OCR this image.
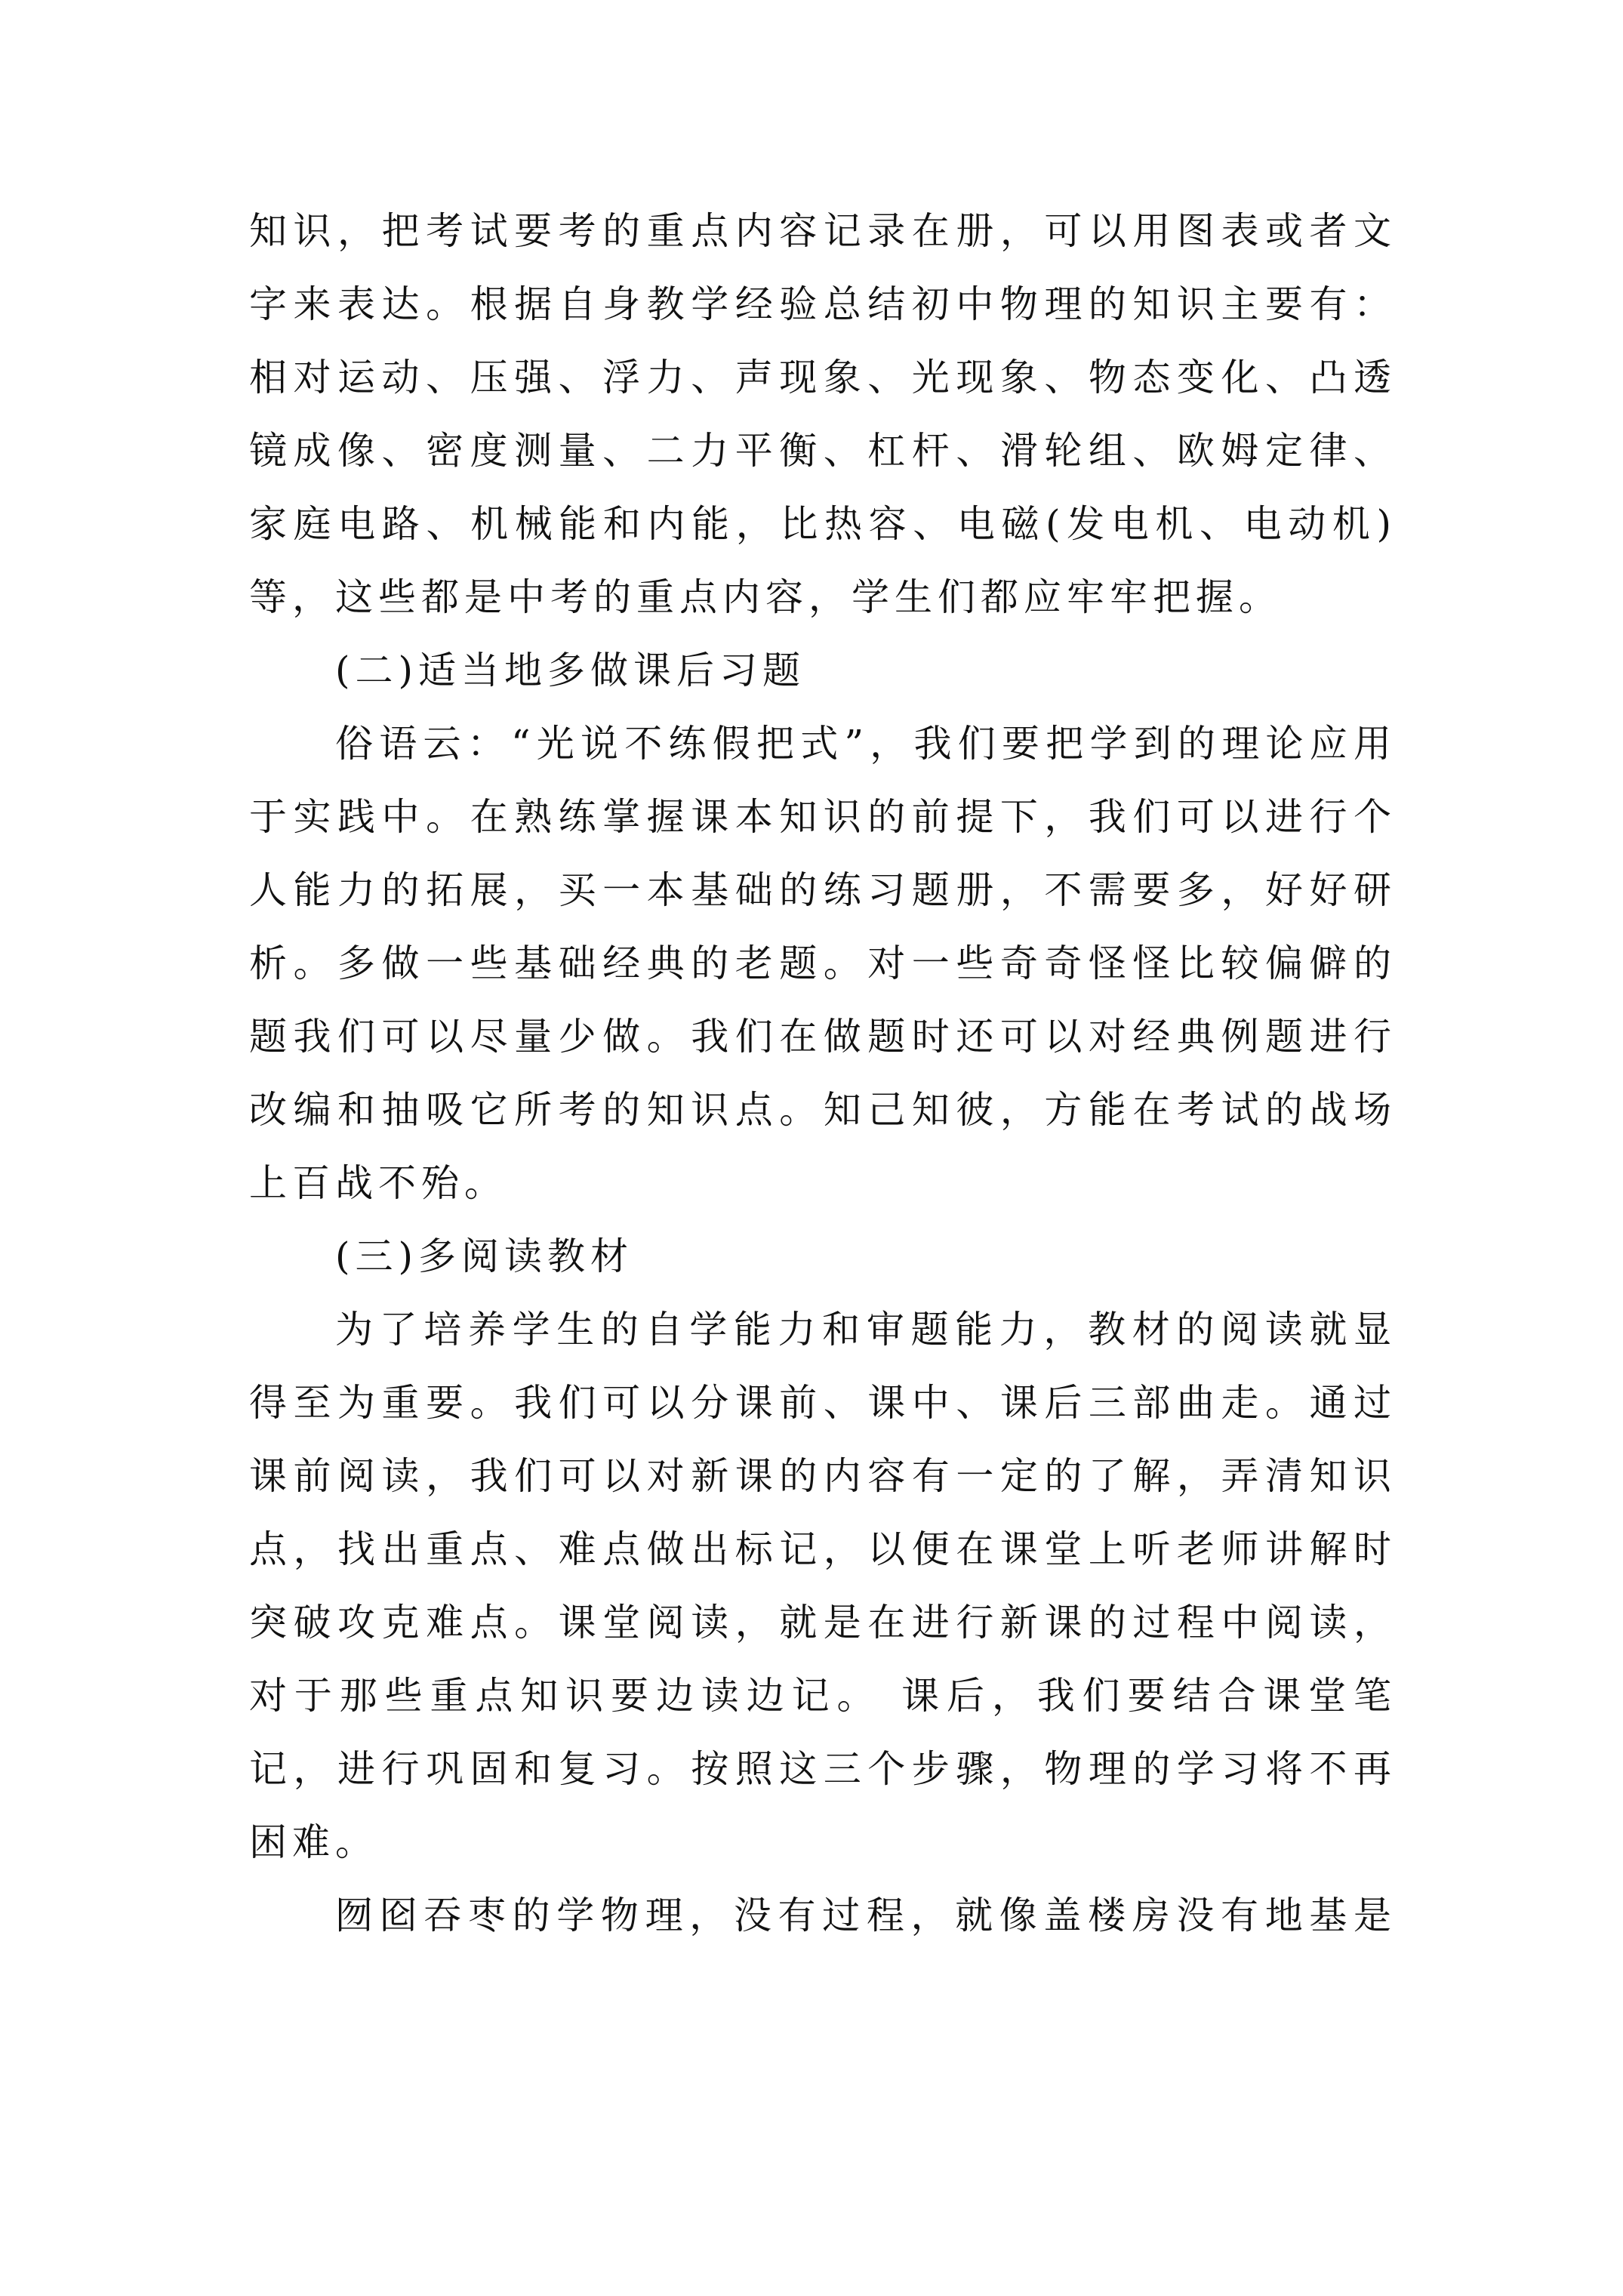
知识，把考试要考的重点内容记录在册，可以用图表或者文
字来表达。根据自身教学经验总结初中物理的知识主要有：
相对运动、压强、浮力、声现象、光现象、物态变化、凸透
镜成像、密度测量、二力平衡、杠杆、滑轮组、欧姆定律、
家庭电路、机械能和内能，比热容、电磁(发电机、电动机)
等，这些都是中考的重点内容，学生们都应牢牢把握。
(二)适当地多做课后习题
俗语云：“光说不练假把式”，我们要把学到的理论应用
于实践中。在熟练掌握课本知识的前提下，我们可以进行个
人能力的拓展，买一本基础的练习题册，不需要多，好好研
析。多做一些基础经典的老题。对一些奇奇怪怪比较偏僻的
题我们可以尽量少做。我们在做题时还可以对经典例题进行
改编和抽吸它所考的知识点。知己知彼，方能在考试的战场
上百战不殆。
(三)多阅读教材
为了培养学生的自学能力和审题能力，教材的阅读就显
得至为重要。我们可以分课前、课中、课后三部曲走。通过
课前阅读，我们可以对新课的内容有一定的了解，弄清知识
点，找出重点、难点做出标记，以便在课堂上听老师讲解时
突破攻克难点。课堂阅读，就是在进行新课的过程中阅读，
对于那些重点知识要边读边记。 课后，我们要结合课堂笔
记，进行巩固和复习。按照这三个步骤，物理的学习将不再
困难。
囫囵吞枣的学物理，没有过程，就像盖楼房没有地基是
